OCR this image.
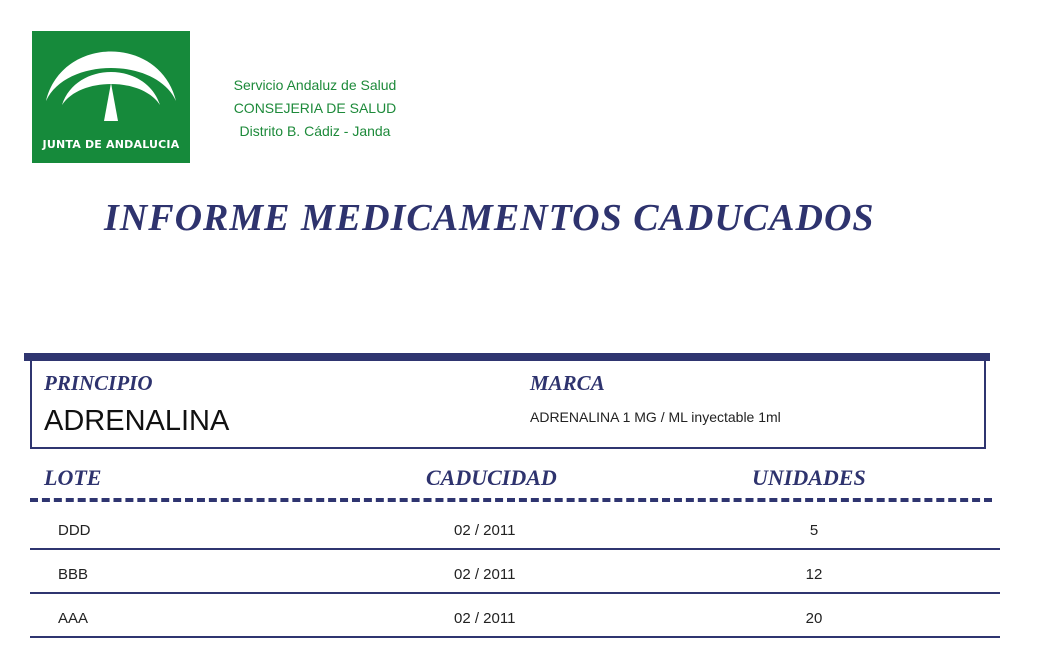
JUNTA DE ANDALUCIA
Servicio Andaluz de Salud
CONSEJERIA DE SALUD
Distrito B. Cádiz - Janda
INFORME MEDICAMENTOS CADUCADOS
PRINCIPIO	MARCA
ADRENALINA	ADRENALINA 1 MG / ML inyectable 1ml
LOTE	CADUCIDAD	UNIDADES
DDD	02 / 2011	5
BBB	02 / 2011	12
AAA	02 / 2011	20
